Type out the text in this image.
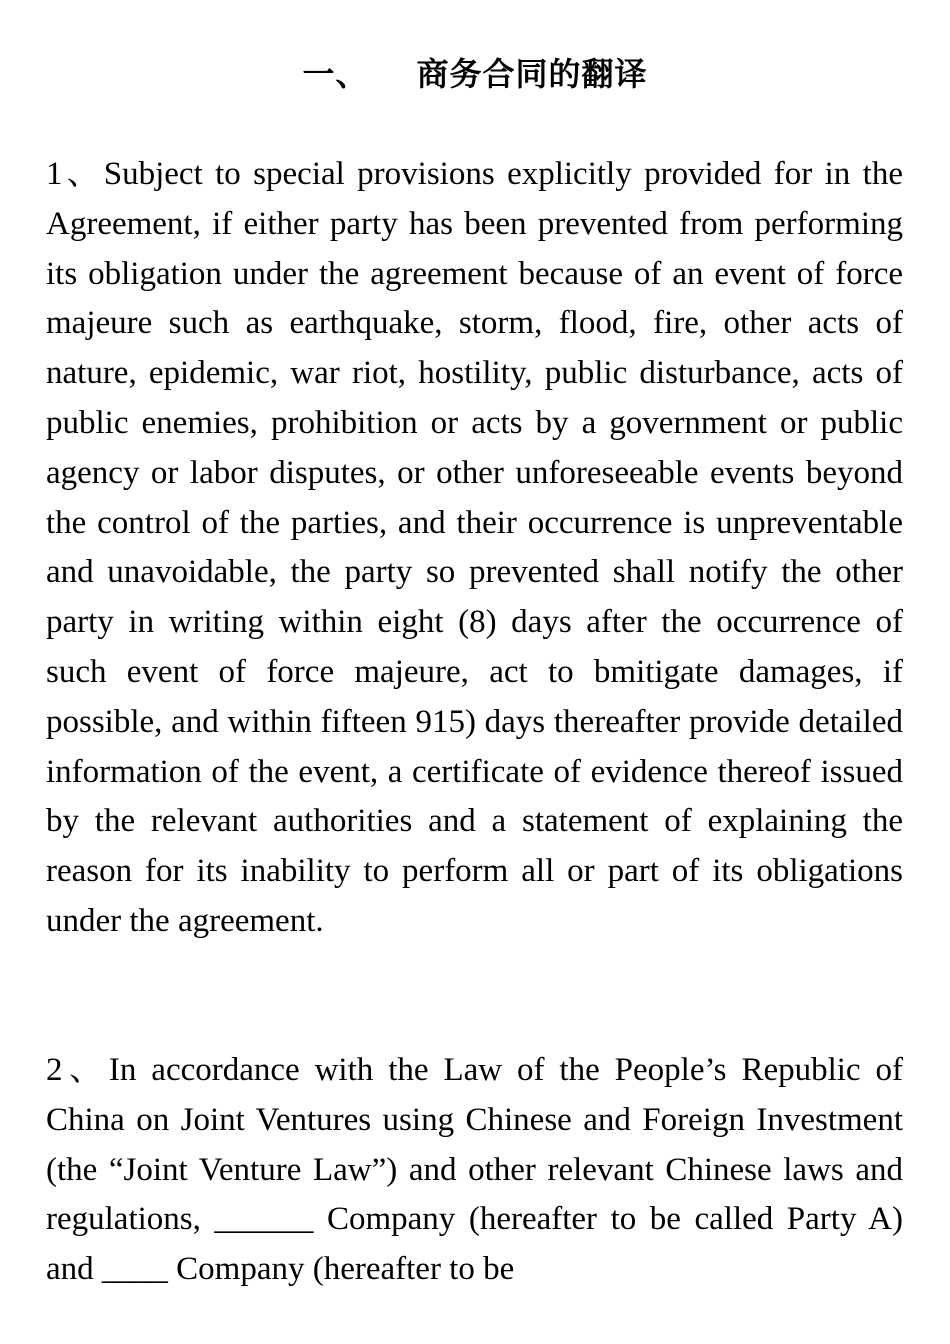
一、 商务合同的翻译

1、Subject to special provisions explicitly provided for in the Agreement, if either party has been prevented from performing its obligation under the agreement because of an event of force majeure such as earthquake, storm, flood, fire, other acts of nature, epidemic, war riot, hostility, public disturbance, acts of public enemies, prohibition or acts by a government or public agency or labor disputes, or other unforeseeable events beyond the control of the parties, and their occurrence is unpreventable and unavoidable, the party so prevented shall notify the other party in writing within eight (8) days after the occurrence of such event of force majeure, act to bmitigate damages, if possible, and within fifteen 915) days thereafter provide detailed information of the event, a certificate of evidence thereof issued by the relevant authorities and a statement of explaining the reason for its inability to perform all or part of its obligations under the agreement.

2、In accordance with the Law of the People’s Republic of China on Joint Ventures using Chinese and Foreign Investment (the “Joint Venture Law”) and other relevant Chinese laws and regulations, ______ Company (hereafter to be called Party A) and ____ Company (hereafter to be
